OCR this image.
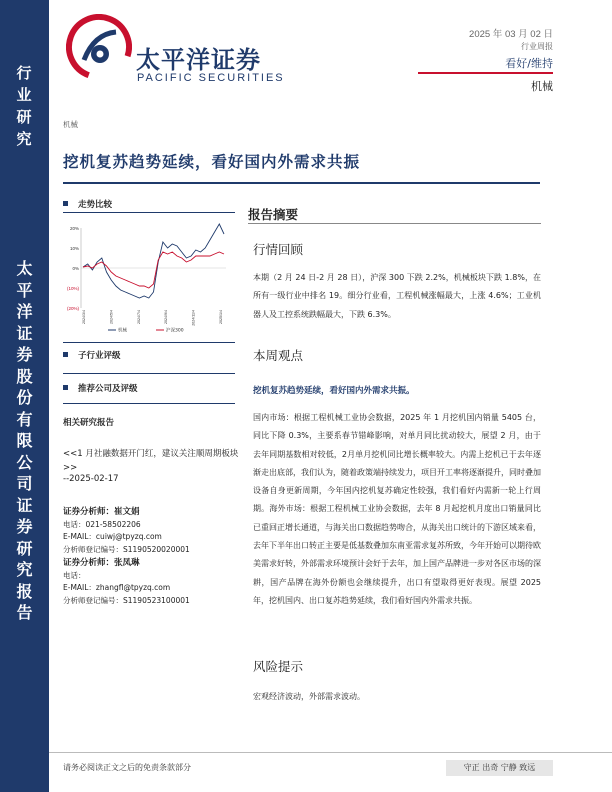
行
业
研
究
太
平
洋
证
券
股
份
有
限
公
司
证
券
研
究
报
告
太平洋证券
PACIFIC SECURITIES
2025 年 03 月 02 日
行业周报
看好/维持
机械
机械
挖机复苏趋势延续，看好国内外需求共振
走势比较
20%
10%
0%
(10%)
(20%)
2024/3/4	2024/5/4	2024/7/4	2024/9/4	2024/11/4	2025/1/4
机械	沪深300
子行业评级
推荐公司及评级
相关研究报告
<<1 月社融数据开门红，建议关注顺周期板块>>
--2025-02-17
证券分析师：崔文娟
电话：021-58502206
E-MAIL：cuiwj@tpyzq.com
分析师登记编号：S1190520020001
证券分析师：张凤琳
电话：
E-MAIL：zhangfl@tpyzq.com
分析师登记编号：S1190523100001
报告摘要
行情回顾

本期（2 月 24 日-2 月 28 日），沪深 300 下跌 2.2%，机械板块下跌 1.8%，在所有一级行业中排名 19。细分行业看，工程机械涨幅最大，上涨 4.6%；工业机器人及工控系统跌幅最大，下跌 6.3%。

本周观点
挖机复苏趋势延续，看好国内外需求共振。

国内市场：根据工程机械工业协会数据，2025 年 1 月挖机国内销量 5405 台，同比下降 0.3%，主要系春节错峰影响，对单月同比扰动较大，展望 2 月，由于去年同期基数相对较低，2月单月挖机同比增长概率较大。内需上挖机已于去年逐渐走出底部，我们认为，随着政策端持续发力，项目开工率将逐渐提升，同时叠加设备自身更新周期，今年国内挖机复苏确定性较强，我们看好内需新一轮上行周期。海外市场：根据工程机械工业协会数据，去年 8 月起挖机月度出口销量同比已重回正增长通道，与海关出口数据趋势吻合，从海关出口统计的下游区域来看，去年下半年出口转正主要是低基数叠加东南亚需求复苏所致，今年开始可以期待欧美需求好转，外部需求环境预计会好于去年，加上国产品牌进一步对各区市场的深耕，国产品牌在海外份额也会继续提升，出口有望取得更好表现。展望 2025 年，挖机国内、出口复苏趋势延续，我们看好国内外需求共振。

风险提示

宏观经济波动，外部需求波动。

请务必阅读正文之后的免责条款部分	守正 出奇 宁静 致远
